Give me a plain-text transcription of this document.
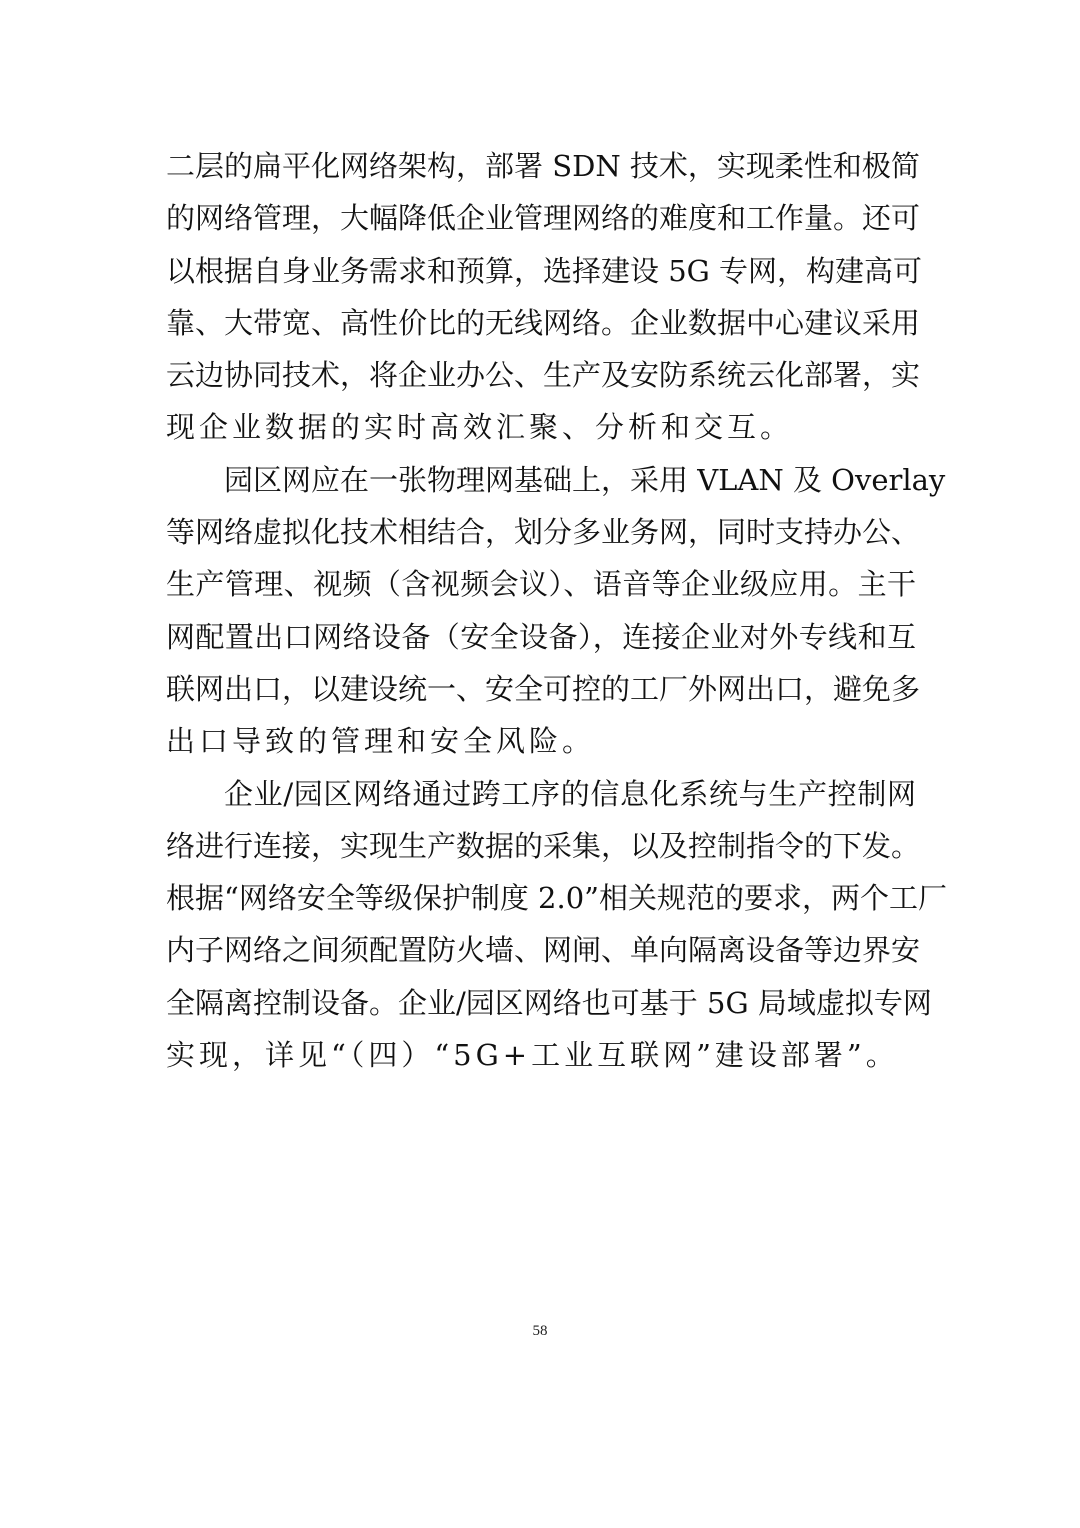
二层的扁平化网络架构，部署 SDN 技术，实现柔性和极简
的网络管理，大幅降低企业管理网络的难度和工作量。还可
以根据自身业务需求和预算，选择建设 5G 专网，构建高可
靠、大带宽、高性价比的无线网络。企业数据中心建议采用
云边协同技术，将企业办公、生产及安防系统云化部署，实
现企业数据的实时高效汇聚、分析和交互。
园区网应在一张物理网基础上，采用 VLAN 及 Overlay
等网络虚拟化技术相结合，划分多业务网，同时支持办公、
生产管理、视频（含视频会议）、语音等企业级应用。主干
网配置出口网络设备（安全设备），连接企业对外专线和互
联网出口，以建设统一、安全可控的工厂外网出口，避免多
出口导致的管理和安全风险。
企业/园区网络通过跨工序的信息化系统与生产控制网
络进行连接，实现生产数据的采集，以及控制指令的下发。
根据“网络安全等级保护制度 2.0”相关规范的要求，两个工厂
内子网络之间须配置防火墙、网闸、单向隔离设备等边界安
全隔离控制设备。企业/园区网络也可基于 5G 局域虚拟专网
实现，详见“（四）“5G+工业互联网”建设部署”。
58
